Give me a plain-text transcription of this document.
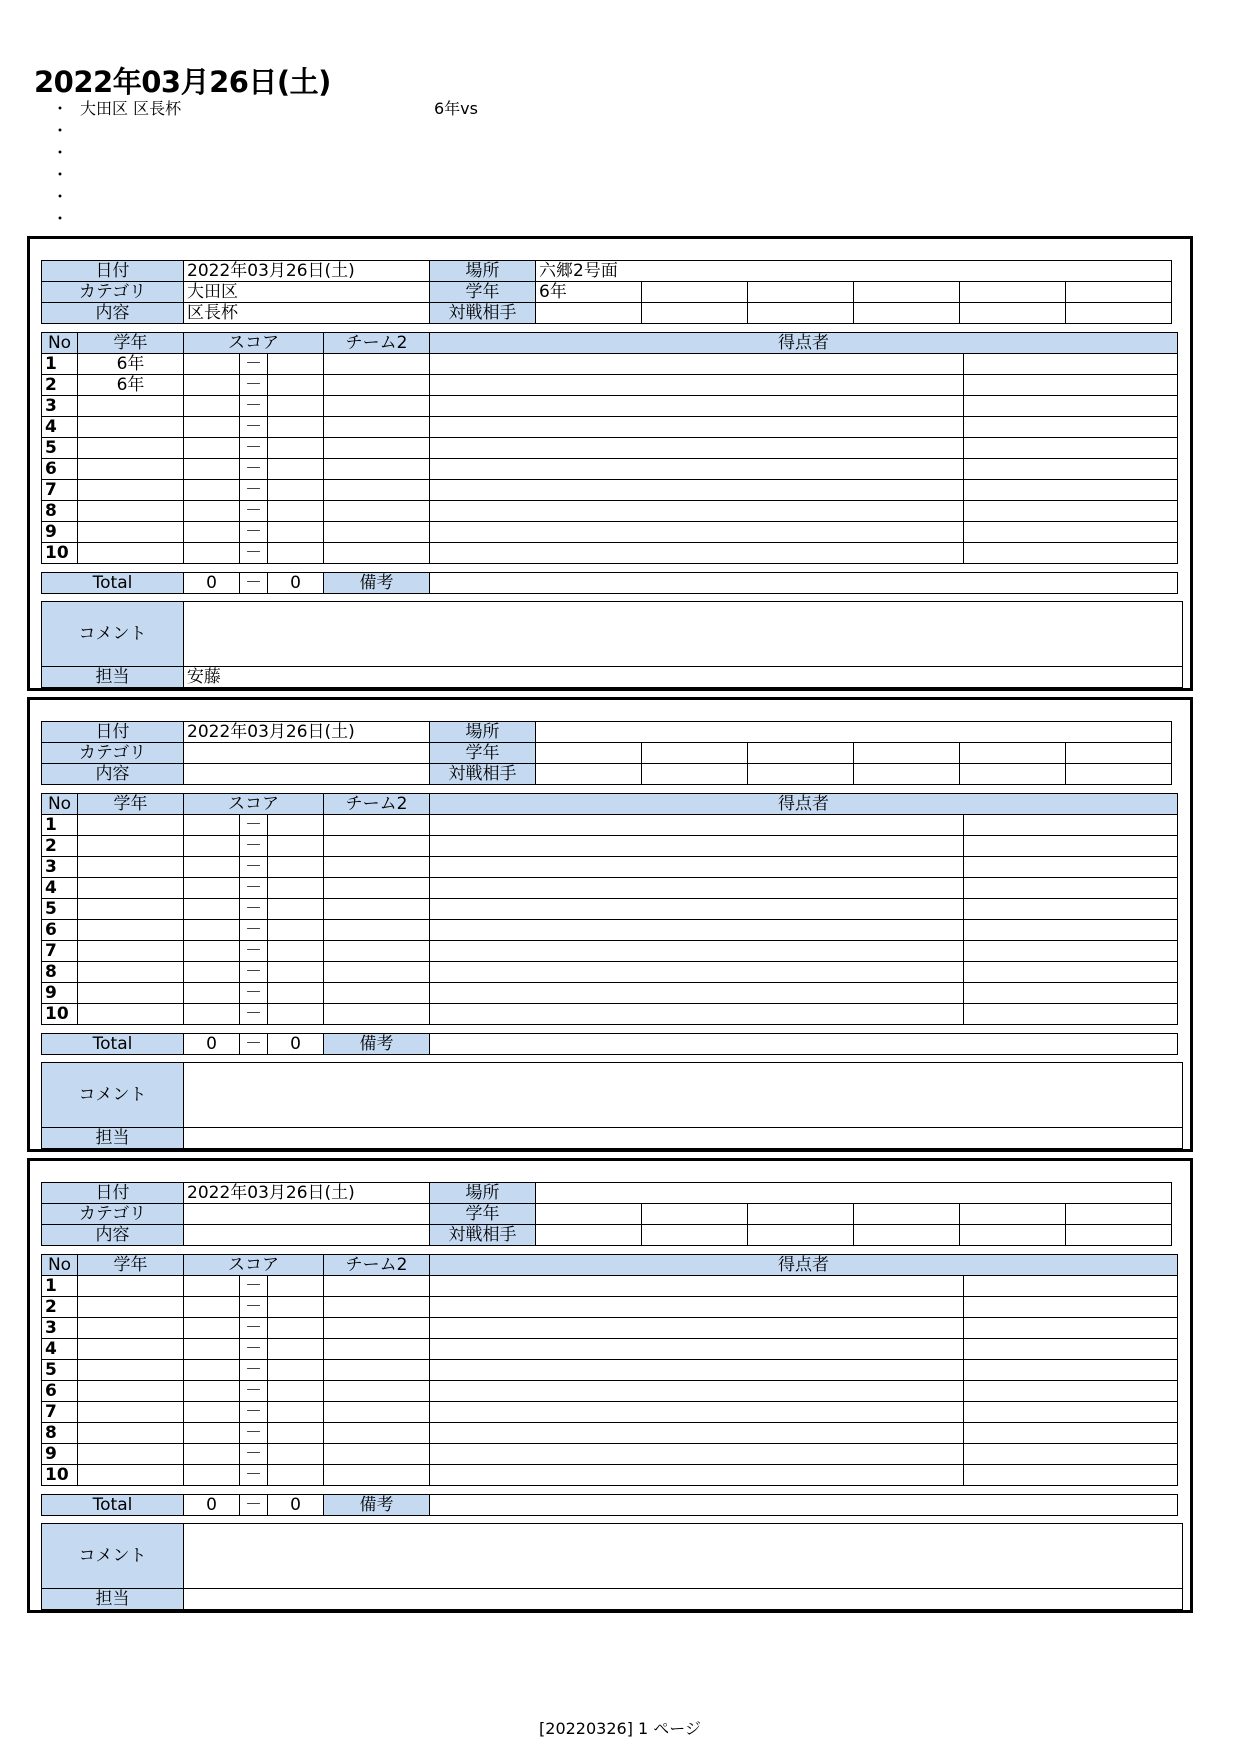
2022年03月26日(土)
・ 大田区 区長杯	6年vs
・
・
・
・
・
日付	2022年03月26日(土)	場所	六郷2号面					
カテゴリ	大田区	学年	6年					
内容	区長杯	対戦相手						
No	学年	スコア			チーム2	得点者	
1	6年		－				
2	6年		－				
3			－				
4			－				
5			－				
6			－				
7			－				
8			－				
9			－				
10			－				
Total	0	－	0	備考	
コメント	
担当	安藤
日付	2022年03月26日(土)	場所						
カテゴリ		学年						
内容		対戦相手						
No	学年	スコア			チーム2	得点者	
1			－				
2			－				
3			－				
4			－				
5			－				
6			－				
7			－				
8			－				
9			－				
10			－				
Total	0	－	0	備考	
コメント	
担当	
日付	2022年03月26日(土)	場所						
カテゴリ		学年						
内容		対戦相手						
No	学年	スコア			チーム2	得点者	
1			－				
2			－				
3			－				
4			－				
5			－				
6			－				
7			－				
8			－				
9			－				
10			－				
Total	0	－	0	備考	
コメント	
担当	
[20220326] 1 ページ
